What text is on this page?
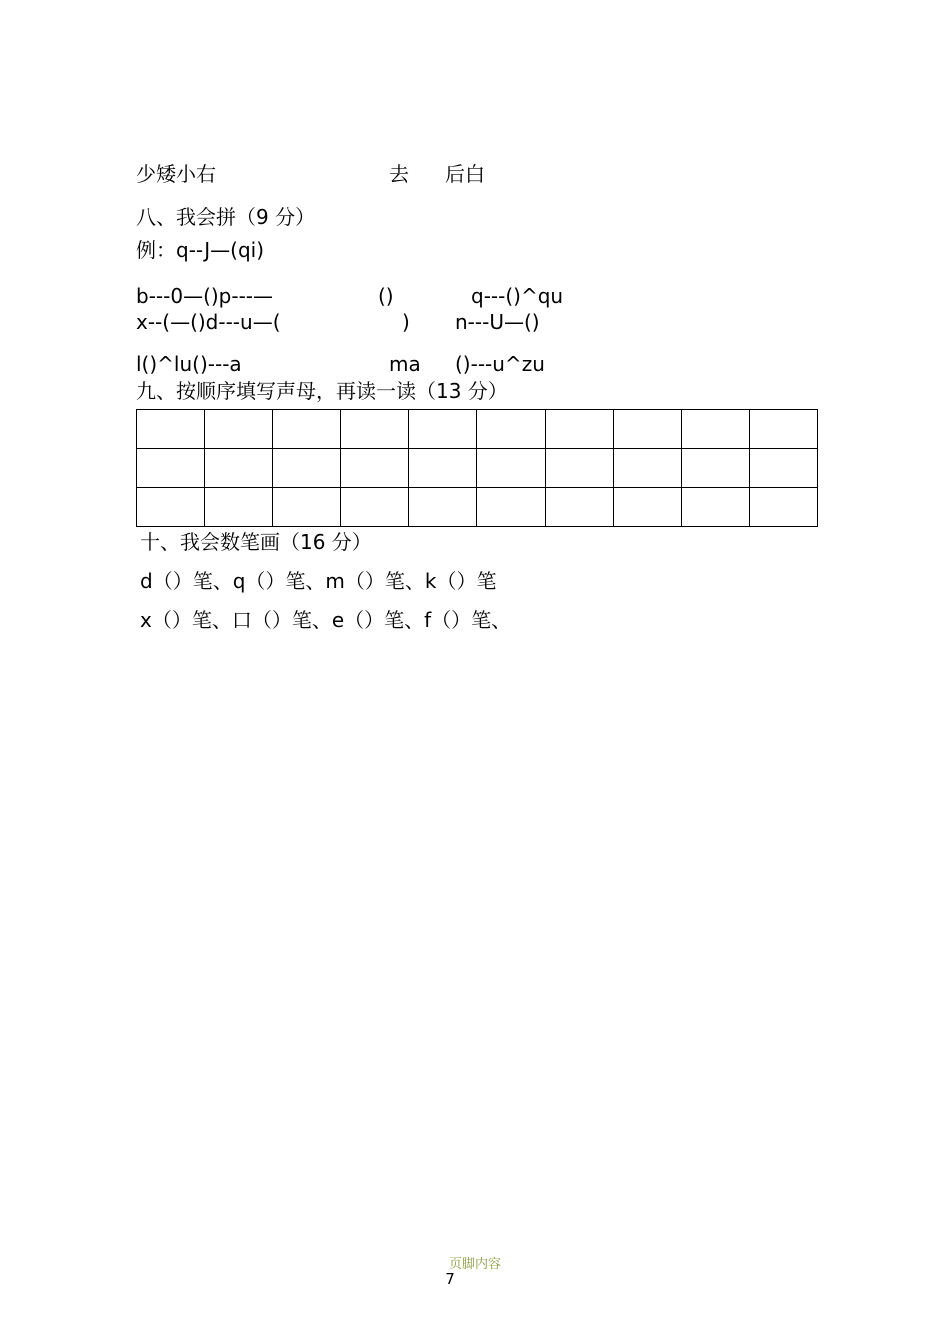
少矮小右	去 后白
八、我会拼（9 分）
例：q--J—(qi)
b---0—()p---—	()	q---()^qu
x--(—()d---u—(	) n---U—()
l()^lu()---a	ma ()---u^zu
九、按顺序填写声母，再读一读（13 分）

十、我会数笔画（16 分）
d（）笔、q（）笔、m（）笔、k（）笔
x（）笔、口（）笔、e（）笔、f（）笔、
页脚内容
7
